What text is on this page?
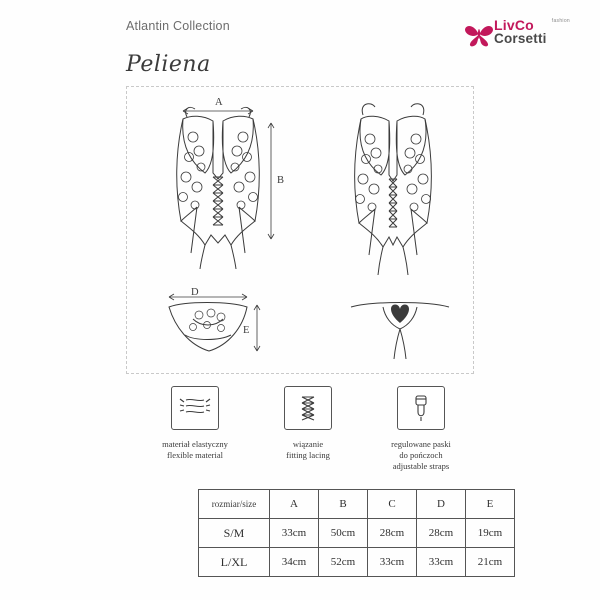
Atlantin Collection	fashion
LivCo
Corsetti
Peliena
A
B
D
E
materiał elastyczny
flexible material
wiązanie
fitting lacing
regulowane paski
do pończoch
adjustable straps
rozmiar/size	A	B	C	D	E
S/M	33cm	50cm	28cm	28cm	19cm
L/XL	34cm	52cm	33cm	33cm	21cm
